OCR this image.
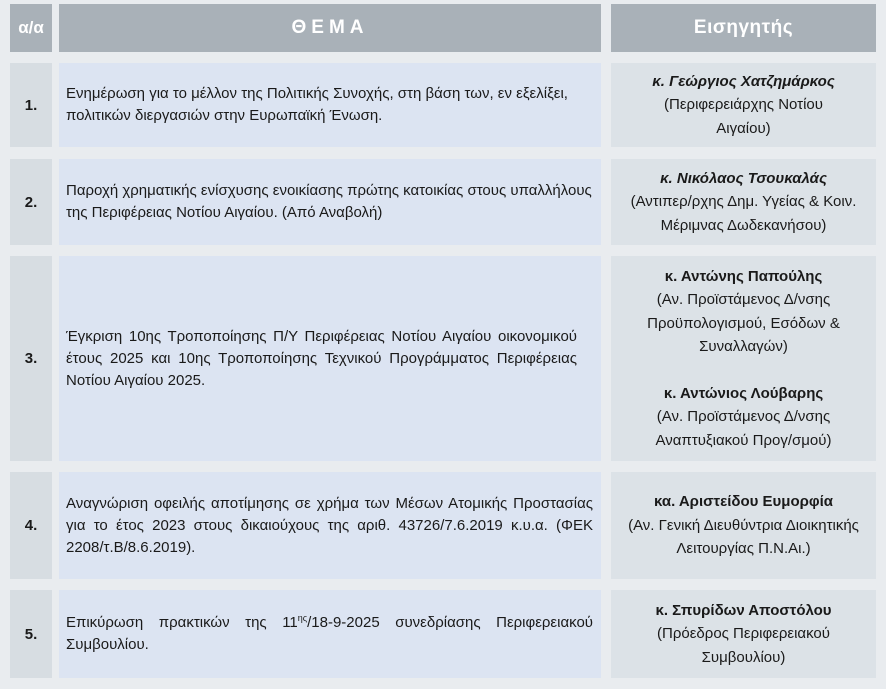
α/α	ΘΕΜΑ	Εισηγητής
1.

Ενημέρωση για το μέλλον της Πολιτικής Συνοχής, στη βάση των, εν εξελίξει, πολιτικών διεργασιών στην Ευρωπαϊκή Ένωση.

κ. Γεώργιος Χατζημάρκος
(Περιφερειάρχης Νοτίου Αιγαίου)
2.

Παροχή χρηματικής ενίσχυσης ενοικίασης πρώτης κατοικίας στους υπαλλήλους της Περιφέρειας Νοτίου Αιγαίου. (Από Αναβολή)

κ. Νικόλαος Τσουκαλάς
(Αντιπερ/ρχης Δημ. Υγείας & Κοιν. Μέριμνας Δωδεκανήσου)
3.

Έγκριση 10ης Τροποποίησης Π/Υ Περιφέρειας Νοτίου Αιγαίου οικονομικού έτους 2025 και 10ης Τροποποίησης Τεχνικού Προγράμματος Περιφέρειας Νοτίου Αιγαίου 2025.

κ. Αντώνης Παπούλης
(Αν. Προϊστάμενος Δ/νσης Προϋπολογισμού, Εσόδων & Συναλλαγών)
κ. Αντώνιος Λούβαρης
(Αν. Προϊστάμενος Δ/νσης Αναπτυξιακού Προγ/σμού)
4.

Αναγνώριση οφειλής αποτίμησης σε χρήμα των Μέσων Ατομικής Προστασίας για το έτος 2023 στους δικαιούχους της αριθ. 43726/7.6.2019 κ.υ.α. (ΦΕΚ 2208/τ.Β/8.6.2019).

κα. Αριστείδου Ευμορφία
(Αν. Γενική Διευθύντρια Διοικητικής Λειτουργίας Π.Ν.Αι.)
5.

Επικύρωση πρακτικών της $11^{\eta\varsigma}/18-9-2025$ συνεδρίασης Περιφερειακού Συμβουλίου.

κ. Σπυρίδων Αποστόλου
(Πρόεδρος Περιφερειακού Συμβουλίου)
